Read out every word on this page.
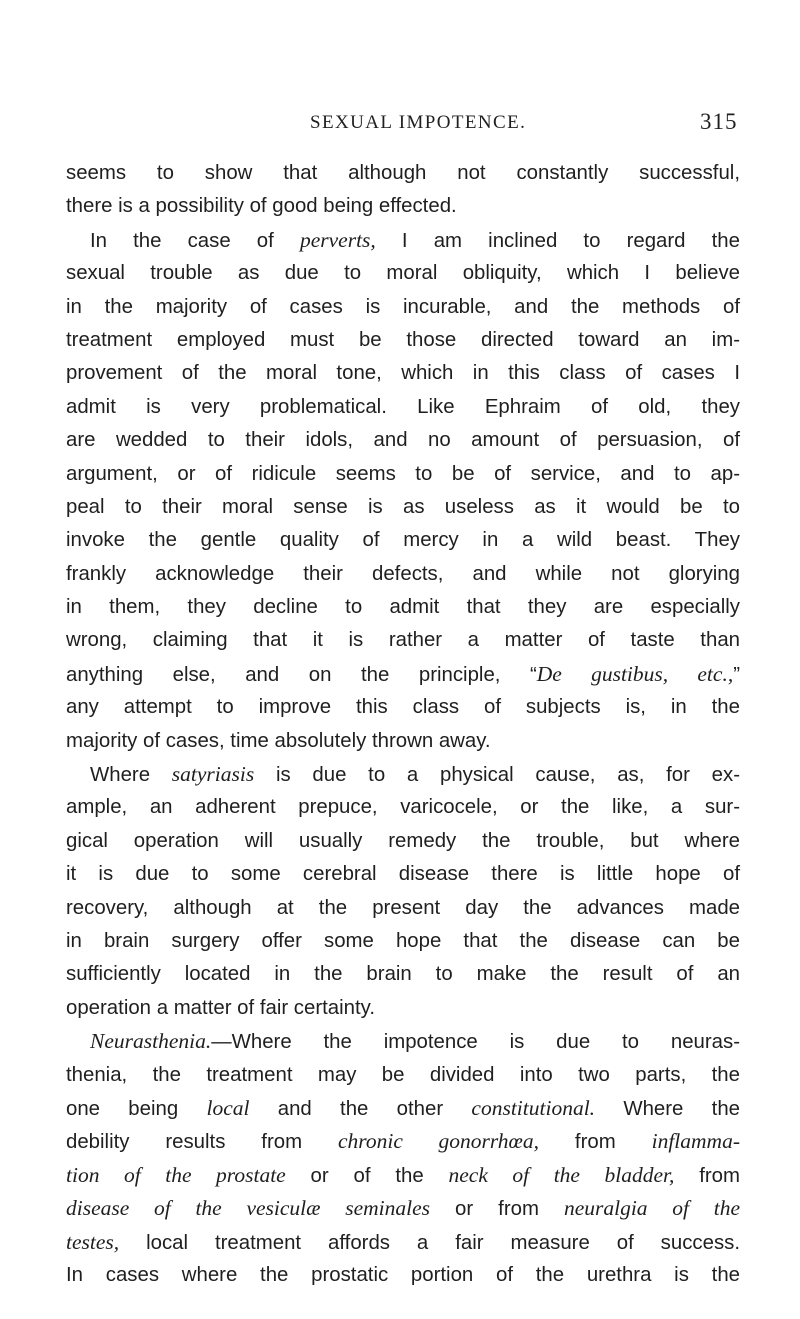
SEXUAL IMPOTENCE.	315
seems to show that although not constantly successful,
there is a possibility of good being effected.
In the case of perverts, I am inclined to regard the
sexual trouble as due to moral obliquity, which I believe
in the majority of cases is incurable, and the methods of
treatment employed must be those directed toward an im-
provement of the moral tone, which in this class of cases I
admit is very problematical. Like Ephraim of old, they
are wedded to their idols, and no amount of persuasion, of
argument, or of ridicule seems to be of service, and to ap-
peal to their moral sense is as useless as it would be to
invoke the gentle quality of mercy in a wild beast. They
frankly acknowledge their defects, and while not glorying
in them, they decline to admit that they are especially
wrong, claiming that it is rather a matter of taste than
anything else, and on the principle, “De gustibus, etc.,”
any attempt to improve this class of subjects is, in the
majority of cases, time absolutely thrown away.
Where satyriasis is due to a physical cause, as, for ex-
ample, an adherent prepuce, varicocele, or the like, a sur-
gical operation will usually remedy the trouble, but where
it is due to some cerebral disease there is little hope of
recovery, although at the present day the advances made
in brain surgery offer some hope that the disease can be
sufficiently located in the brain to make the result of an
operation a matter of fair certainty.
Neurasthenia.—Where the impotence is due to neuras-
thenia, the treatment may be divided into two parts, the
one being local and the other constitutional. Where the
debility results from chronic gonorrhœa, from inflamma-
tion of the prostate or of the neck of the bladder, from
disease of the vesiculæ seminales or from neuralgia of the
testes, local treatment affords a fair measure of success.
In cases where the prostatic portion of the urethra is the
